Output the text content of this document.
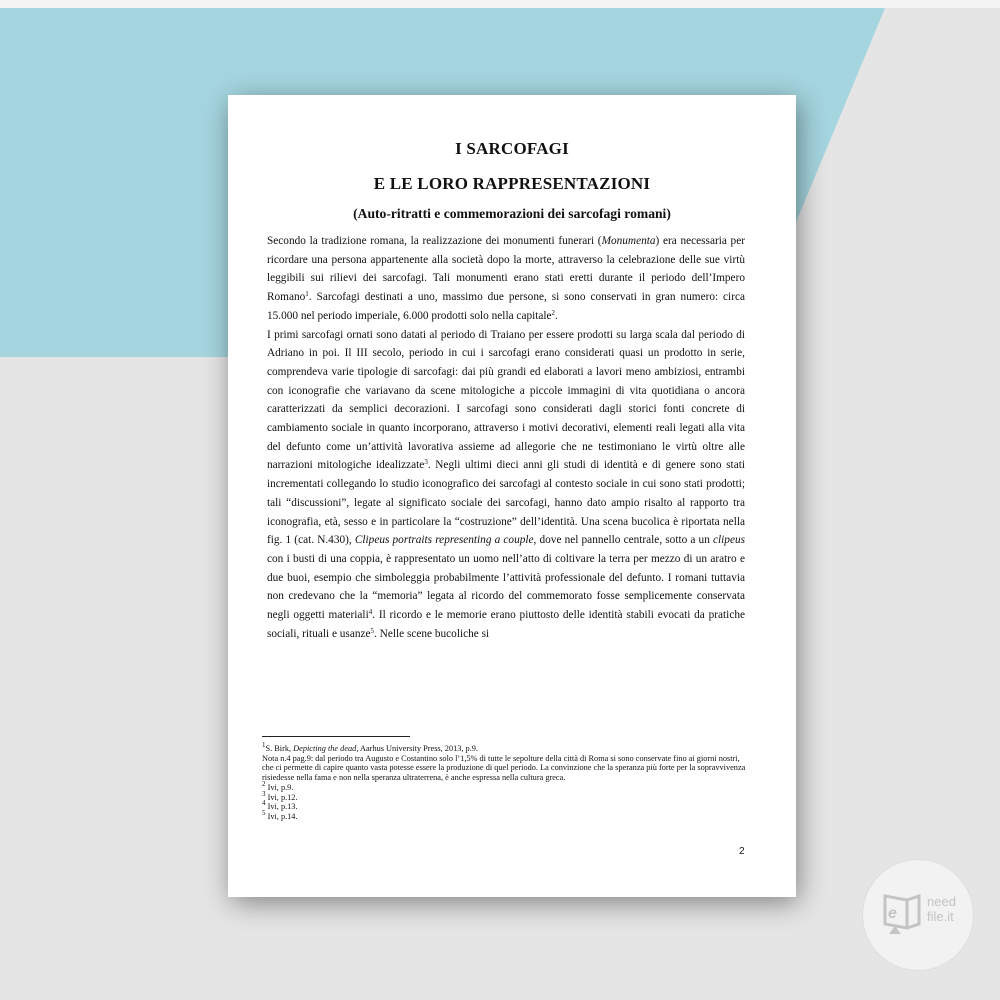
I SARCOFAGI
E LE LORO RAPPRESENTAZIONI
(Auto-ritratti e commemorazioni dei sarcofagi romani)

Secondo la tradizione romana, la realizzazione dei monumenti funerari (Monumenta) era necessaria per ricordare una persona appartenente alla società dopo la morte, attraverso la celebrazione delle sue virtù leggibili sui rilievi dei sarcofagi. Tali monumenti erano stati eretti durante il periodo dell’Impero Romano$^1$. Sarcofagi destinati a uno, massimo due persone, si sono conservati in gran numero: circa 15.000 nel periodo imperiale, 6.000 prodotti solo nella capitale$^2$.

I primi sarcofagi ornati sono datati al periodo di Traiano per essere prodotti su larga scala dal periodo di Adriano in poi. Il III secolo, periodo in cui i sarcofagi erano considerati quasi un prodotto in serie, comprendeva varie tipologie di sarcofagi: dai più grandi ed elaborati a lavori meno ambiziosi, entrambi con iconografie che variavano da scene mitologiche a piccole immagini di vita quotidiana o ancora caratterizzati da semplici decorazioni. I sarcofagi sono considerati dagli storici fonti concrete di cambiamento sociale in quanto incorporano, attraverso i motivi decorativi, elementi reali legati alla vita del defunto come un’attività lavorativa assieme ad allegorie che ne testimoniano le virtù oltre alle narrazioni mitologiche idealizzate$^3$. Negli ultimi dieci anni gli studi di identità e di genere sono stati incrementati collegando lo studio iconografico dei sarcofagi al contesto sociale in cui sono stati prodotti; tali “discussioni”, legate al significato sociale dei sarcofagi, hanno dato ampio risalto al rapporto tra iconografia, età, sesso e in particolare la “costruzione” dell’identità. Una scena bucolica è riportata nella fig. 1 (cat. N.430), Clipeus portraits representing a couple, dove nel pannello centrale, sotto a un clipeus con i busti di una coppia, è rappresentato un uomo nell’atto di coltivare la terra per mezzo di un aratro e due buoi, esempio che simboleggia probabilmente l’attività professionale del defunto. I romani tuttavia non credevano che la “memoria” legata al ricordo del commemorato fosse semplicemente conservata negli oggetti materiali$^4$. Il ricordo e le memorie erano piuttosto delle identità stabili evocati da pratiche sociali, rituali e usanze$^5$. Nelle scene bucoliche si

$^1$S. Birk, Depicting the dead, Aarhus University Press, 2013, p.9.
Nota n.4 pag.9: dal periodo tra Augusto e Costantino solo l’1,5% di tutte le sepolture della città di Roma si sono conservate fino ai giorni nostri, che ci permette di capire quanto vasta potesse essere la produzione di quel periodo. La convinzione che la speranza più forte per la sopravvivenza risiedesse nella fama e non nella speranza ultraterrena, è anche espressa nella cultura greca.
$^2$ Ivi, p.9.
$^3$ Ivi, p.12.
$^4$ Ivi, p.13.
$^5$ Ivi, p.14.
2
e
need
file.it
